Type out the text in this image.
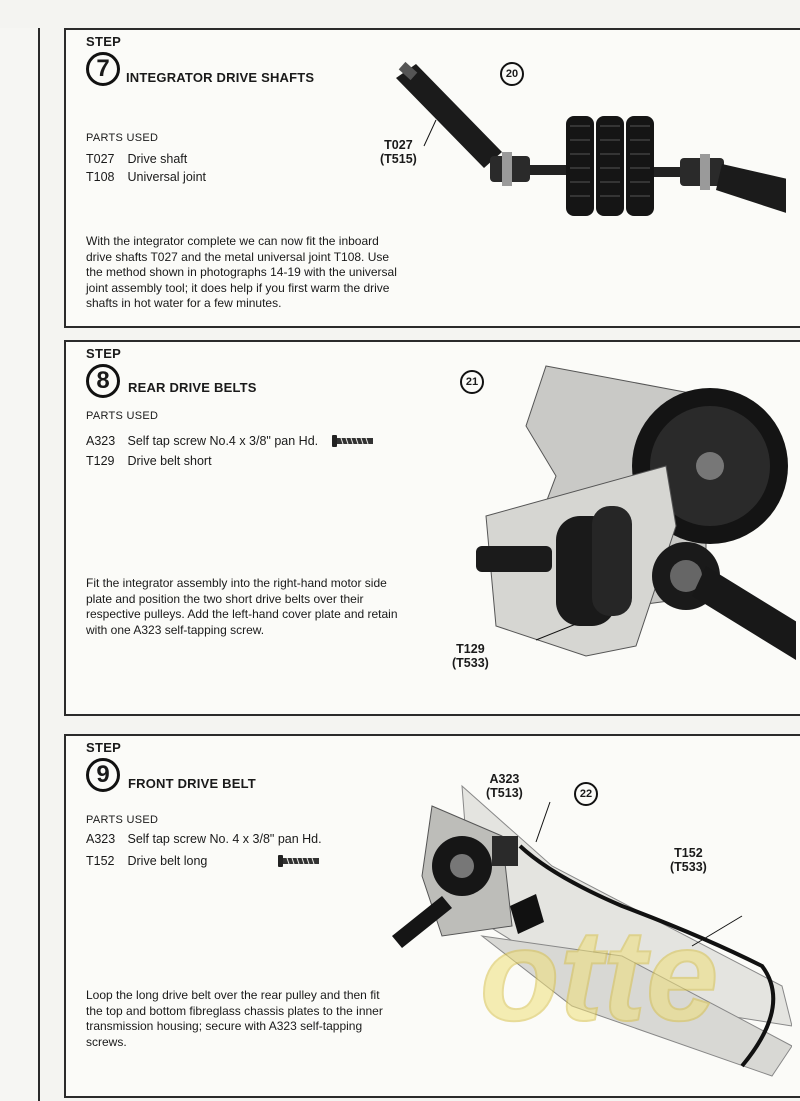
STEP
7	INTEGRATOR DRIVE SHAFTS
PARTS USED
T027 Drive shaft
T108 Universal joint
With the integrator complete we can now fit the inboard drive shafts T027 and the metal universal joint T108. Use the method shown in photographs 14-19 with the universal joint assembly tool; it does help if you first warm the drive shafts in hot water for a few minutes.
20
T027
(T515)
STEP
8	REAR DRIVE BELTS
PARTS USED
A323 Self tap screw No.4 x 3/8" pan Hd.
T129 Drive belt short
Fit the integrator assembly into the right-hand motor side plate and position the two short drive belts over their respective pulleys. Add the left-hand cover plate and retain with one A323 self-tapping screw.
21
T129
(T533)
STEP
9	FRONT DRIVE BELT
PARTS USED
A323 Self tap screw No. 4 x 3/8" pan Hd.
T152 Drive belt long
Loop the long drive belt over the rear pulley and then fit the top and bottom fibreglass chassis plates to the inner transmission housing; secure with A323 self-tapping screws.
22
A323
(T513)
T152
(T533)
otte
